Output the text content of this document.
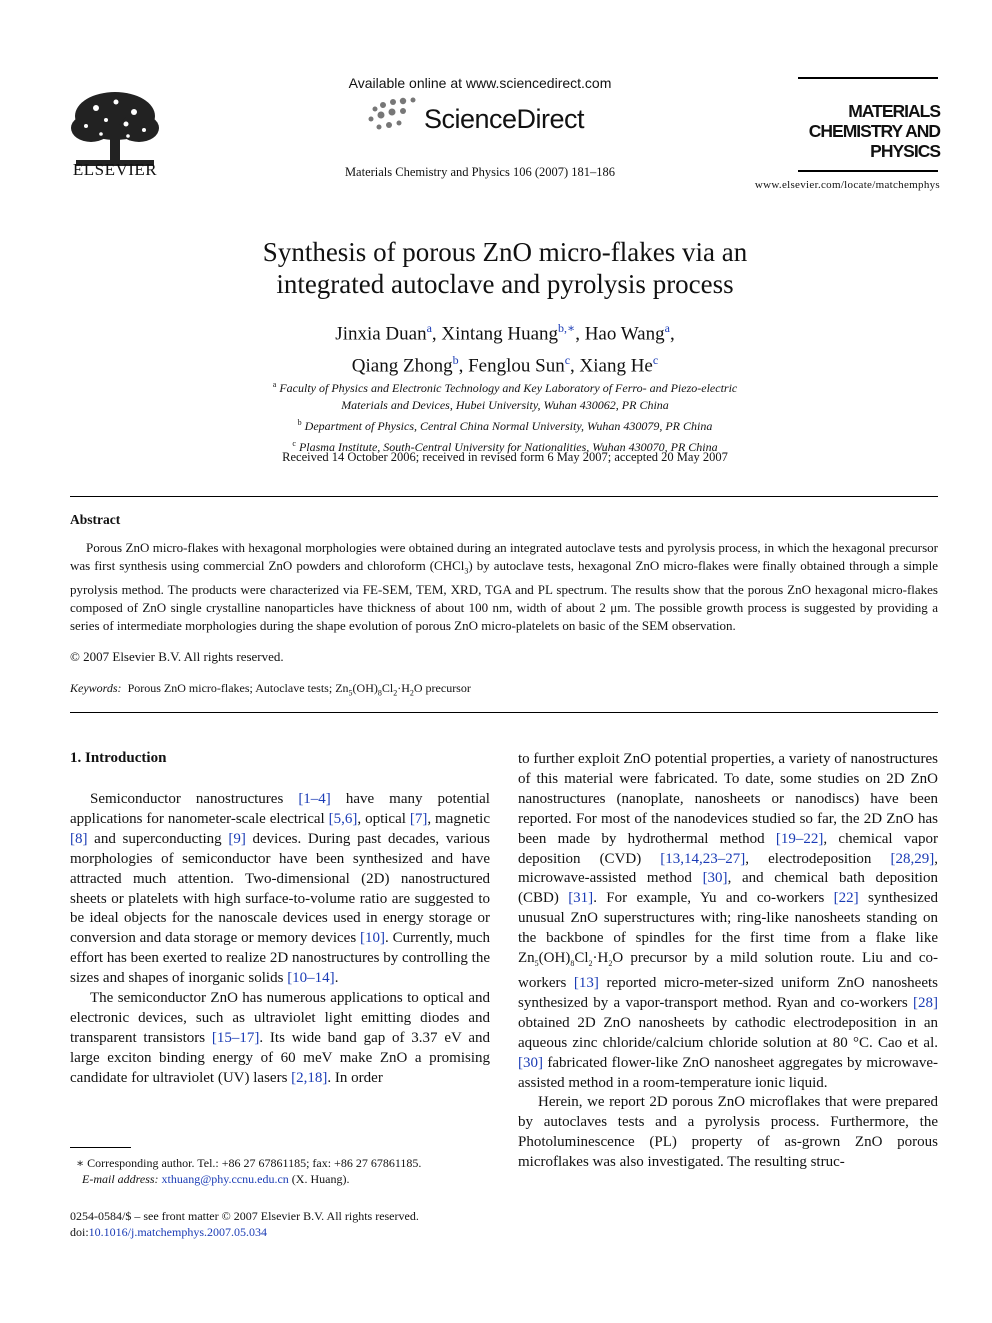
ELSEVIER
Available online at www.sciencedirect.com
ScienceDirect
Materials Chemistry and Physics 106 (2007) 181–186
MATERIALS
CHEMISTRY AND
PHYSICS
www.elsevier.com/locate/matchemphys
Synthesis of porous ZnO micro-flakes via an
integrated autoclave and pyrolysis process
Jinxia Duan$^a$, Xintang Huang$^{b,∗}$, Hao Wang$^a$,
Qiang Zhong$^b$, Fenglou Sun$^c$, Xiang He$^c$
$^a$ Faculty of Physics and Electronic Technology and Key Laboratory of Ferro- and Piezo-electric
Materials and Devices, Hubei University, Wuhan 430062, PR China
$^b$ Department of Physics, Central China Normal University, Wuhan 430079, PR China
$^c$ Plasma Institute, South-Central University for Nationalities, Wuhan 430070, PR China
Received 14 October 2006; received in revised form 6 May 2007; accepted 20 May 2007
Abstract

Porous ZnO micro-flakes with hexagonal morphologies were obtained during an integrated autoclave tests and pyrolysis process, in which the hexagonal precursor was first synthesis using commercial ZnO powders and chloroform (CHCl$_3$) by autoclave tests, hexagonal ZnO micro-flakes were finally obtained through a simple pyrolysis method. The products were characterized via FE-SEM, TEM, XRD, TGA and PL spectrum. The results show that the porous ZnO hexagonal micro-flakes composed of ZnO single crystalline nanoparticles have thickness of about 100 nm, width of about 2 μm. The possible growth process is suggested by providing a series of intermediate morphologies during the shape evolution of porous ZnO micro-platelets on basic of the SEM observation.

© 2007 Elsevier B.V. All rights reserved.
Keywords: Porous ZnO micro-flakes; Autoclave tests; $Zn_5(OH)_8Cl_2\cdot H_2O$ precursor
1. Introduction

Semiconductor nanostructures [1–4] have many potential applications for nanometer-scale electrical [5,6], optical [7], magnetic [8] and superconducting [9] devices. During past decades, various morphologies of semiconductor have been synthesized and have attracted much attention. Two-dimensional (2D) nanostructured sheets or platelets with high surface-to-volume ratio are suggested to be ideal objects for the nanoscale devices used in energy storage or conversion and data storage or memory devices [10]. Currently, much effort has been exerted to realize 2D nanostructures by controlling the sizes and shapes of inorganic solids [10–14].

The semiconductor ZnO has numerous applications to optical and electronic devices, such as ultraviolet light emitting diodes and transparent transistors [15–17]. Its wide band gap of 3.37 eV and large exciton binding energy of 60 meV make ZnO a promising candidate for ultraviolet (UV) lasers [2,18]. In order

to further exploit ZnO potential properties, a variety of nanostructures of this material were fabricated. To date, some studies on 2D ZnO nanostructures (nanoplate, nanosheets or nanodiscs) have been reported. For most of the nanodevices studied so far, the 2D ZnO has been made by hydrothermal method [19–22], chemical vapor deposition (CVD) [13,14,23–27], electrodeposition [28,29], microwave-assisted method [30], and chemical bath deposition (CBD) [31]. For example, Yu and co-workers [22] synthesized unusual ZnO superstructures with; ring-like nanosheets standing on the backbone of spindles for the first time from a flake like $Zn_5(OH)_8Cl_2\cdot H_2O$ precursor by a mild solution route. Liu and co-workers [13] reported micro-meter-sized uniform ZnO nanosheets synthesized by a vapor-transport method. Ryan and co-workers [28] obtained 2D ZnO nanosheets by cathodic electrodeposition in an aqueous zinc chloride/calcium chloride solution at 80 °C. Cao et al. [30] fabricated flower-like ZnO nanosheet aggregates by microwave-assisted method in a room-temperature ionic liquid.

Herein, we report 2D porous ZnO microflakes that were prepared by autoclaves tests and a pyrolysis process. Furthermore, the Photoluminescence (PL) property of as-grown ZnO porous microflakes was also investigated. The resulting struc-

∗ Corresponding author. Tel.: +86 27 67861185; fax: +86 27 67861185.
E-mail address: xthuang@phy.ccnu.edu.cn (X. Huang).
0254-0584/$ – see front matter © 2007 Elsevier B.V. All rights reserved.
doi:10.1016/j.matchemphys.2007.05.034
